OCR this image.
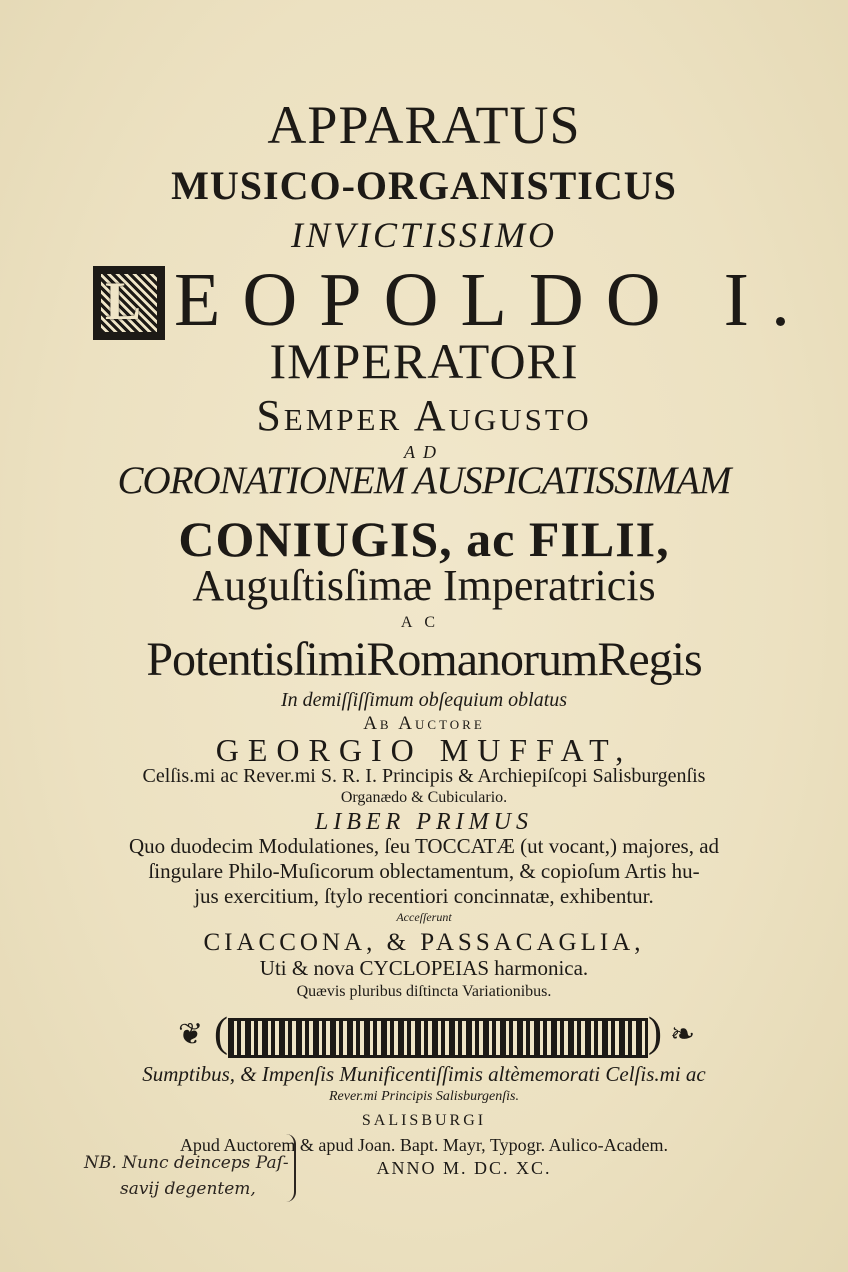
APPARATUS
MUSICO-ORGANISTICUS
INVICTISSIMO
L EOPOLDO I.
IMPERATORI
Semper Augusto
AD
CORONATIONEM AUSPICATISSIMAM
CONIUGIS, ac FILII,
Auguſtisſimæ Imperatricis
AC
PotentisſimiRomanorumRegis
In demiſſiſſimum obſequium oblatus
Ab Auctore
GEORGIO MUFFAT,
Celſis.mi ac Rever.mi S. R. I. Principis & Archiepiſcopi Salisburgenſis
Organædo & Cubiculario.
LIBER PRIMUS
Quo duodecim Modulationes, ſeu TOCCATÆ (ut vocant,) majores, ad
ſingulare Philo-Muſicorum oblectamentum, & copioſum Artis hu-
jus exercitium, ſtylo recentiori concinnatæ, exhibentur.
Acceſſerunt
CIACCONA, & PASSACAGLIA,
Uti & nova CYCLOPEIAS harmonica.
Quævis pluribus diſtincta Variationibus.
❦ (	) ❧
Sumptibus, & Impenſis Munificentiſſimis altèmemorati Celſis.mi ac
Rever.mi Principis Salisburgenſis.
SALISBURGI
Apud Auctorem & apud Joan. Bapt. Mayr, Typogr. Aulico-Academ.
ANNO M. DC. XC.
NB. Nunc deinceps Paſ-
savij degentem,
